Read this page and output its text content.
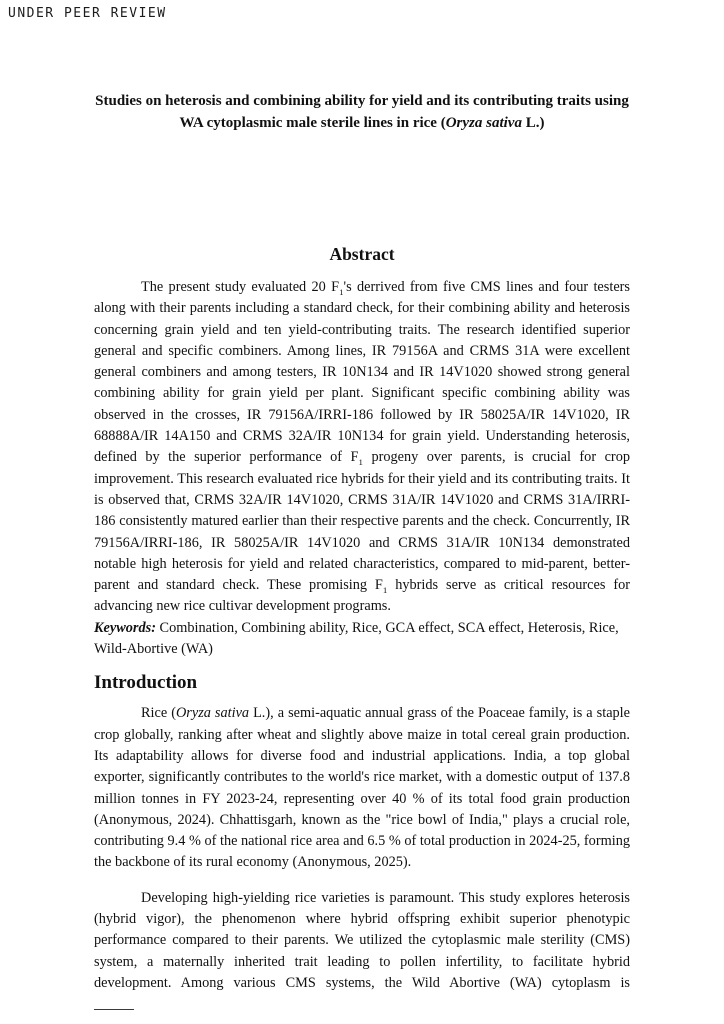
UNDER PEER REVIEW
Studies on heterosis and combining ability for yield and its contributing traits using WA cytoplasmic male sterile lines in rice (Oryza sativa L.)
Abstract

The present study evaluated 20 $F_1's$ derrived from five CMS lines and four testers along with their parents including a standard check, for their combining ability and heterosis concerning grain yield and ten yield-contributing traits. The research identified superior general and specific combiners. Among lines, IR 79156A and CRMS 31A were excellent general combiners and among testers, IR 10N134 and IR 14V1020 showed strong general combining ability for grain yield per plant. Significant specific combining ability was observed in the crosses, IR 79156A/IRRI-186 followed by IR 58025A/IR 14V1020, IR 68888A/IR 14A150 and CRMS 32A/IR 10N134 for grain yield. Understanding heterosis, defined by the superior performance of $F_1$ progeny over parents, is crucial for crop improvement. This research evaluated rice hybrids for their yield and its contributing traits. It is observed that, CRMS 32A/IR 14V1020, CRMS 31A/IR 14V1020 and CRMS 31A/IRRI-186 consistently matured earlier than their respective parents and the check. Concurrently, IR 79156A/IRRI-186, IR 58025A/IR 14V1020 and CRMS 31A/IR 10N134 demonstrated notable high heterosis for yield and related characteristics, compared to mid-parent, better-parent and standard check. These promising $F_1$ hybrids serve as critical resources for advancing new rice cultivar development programs.

Keywords: Combination, Combining ability, Rice, GCA effect, SCA effect, Heterosis, Rice, Wild-Abortive (WA)

Introduction

Rice (Oryza sativa L.), a semi-aquatic annual grass of the Poaceae family, is a staple crop globally, ranking after wheat and slightly above maize in total cereal grain production. Its adaptability allows for diverse food and industrial applications. India, a top global exporter, significantly contributes to the world's rice market, with a domestic output of 137.8 million tonnes in FY 2023-24, representing over 40 % of its total food grain production (Anonymous, 2024). Chhattisgarh, known as the "rice bowl of India," plays a crucial role, contributing 9.4 % of the national rice area and 6.5 % of total production in 2024-25, forming the backbone of its rural economy (Anonymous, 2025).

Developing high-yielding rice varieties is paramount. This study explores heterosis (hybrid vigor), the phenomenon where hybrid offspring exhibit superior phenotypic performance compared to their parents. We utilized the cytoplasmic male sterility (CMS) system, a maternally inherited trait leading to pollen infertility, to facilitate hybrid development. Among various CMS systems, the Wild Abortive (WA) cytoplasm is
